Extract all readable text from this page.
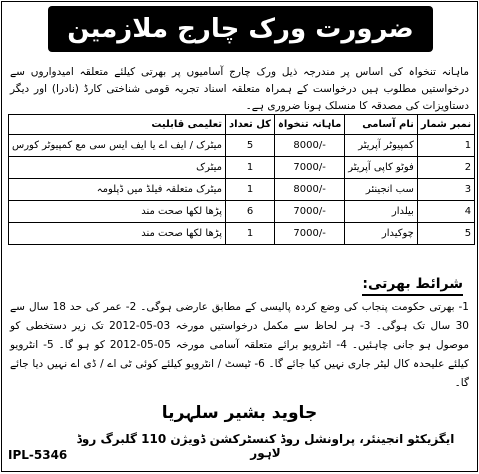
ضرورت ورک چارج ملازمین
ماہانہ تنخواہ کی اساس پر مندرجہ ذیل ورک چارج آسامیوں پر بھرتی کیلئے متعلقہ امیدواروں سے درخواستیں مطلوب ہیں درخواست کے ہمراہ متعلقہ اسناد تجربہ قومی شناختی کارڈ (نادرا) اور دیگر دستاویزات کی مصدقہ کا منسلک ہونا ضروری ہے۔
نمبر شمار	نام آسامی	ماہانہ تنخواہ	کل تعداد	تعلیمی قابلیت
1	کمپیوٹر آپریٹر	8000/-	5	میٹرک / ایف اے یا ایف ایس سی مع کمپیوٹر کورس
2	فوٹو کاپی آپریٹر	7000/-	1	میٹرک
3	سب انجینئر	8000/-	1	میٹرک متعلقہ فیلڈ میں ڈپلومہ
4	بیلدار	7000/-	6	پڑھا لکھا صحت مند
5	چوکیدار	7000/-	1	پڑھا لکھا صحت مند
شرائط بھرتی:
1- بھرتی حکومت پنجاب کی وضع کردہ پالیسی کے مطابق عارضی ہوگی۔ 2- عمر کی حد 18 سال سے 30 سال تک ہوگی۔ 3- ہر لحاظ سے مکمل درخواستیں مورخہ 03-05-2012 تک زیر دستخطی کو موصول ہو جانی چاہئیں۔ 4- انٹرویو برائے متعلقہ آسامی مورخہ 05-05-2012 کو ہو گا۔ 5- انٹرویو کیلئے علیحدہ کال لیٹر جاری نہیں کیا جائے گا۔ 6- ٹیسٹ / انٹرویو کیلئے کوئی ٹی اے / ڈی اے نہیں دیا جائے گا۔
جاوید بشیر سلہریا
ایگزیکٹو انجینئر، پراونشل روڈ کنسٹرکشن ڈویژن 110 گلبرگ روڈ لاہور
IPL-5346
